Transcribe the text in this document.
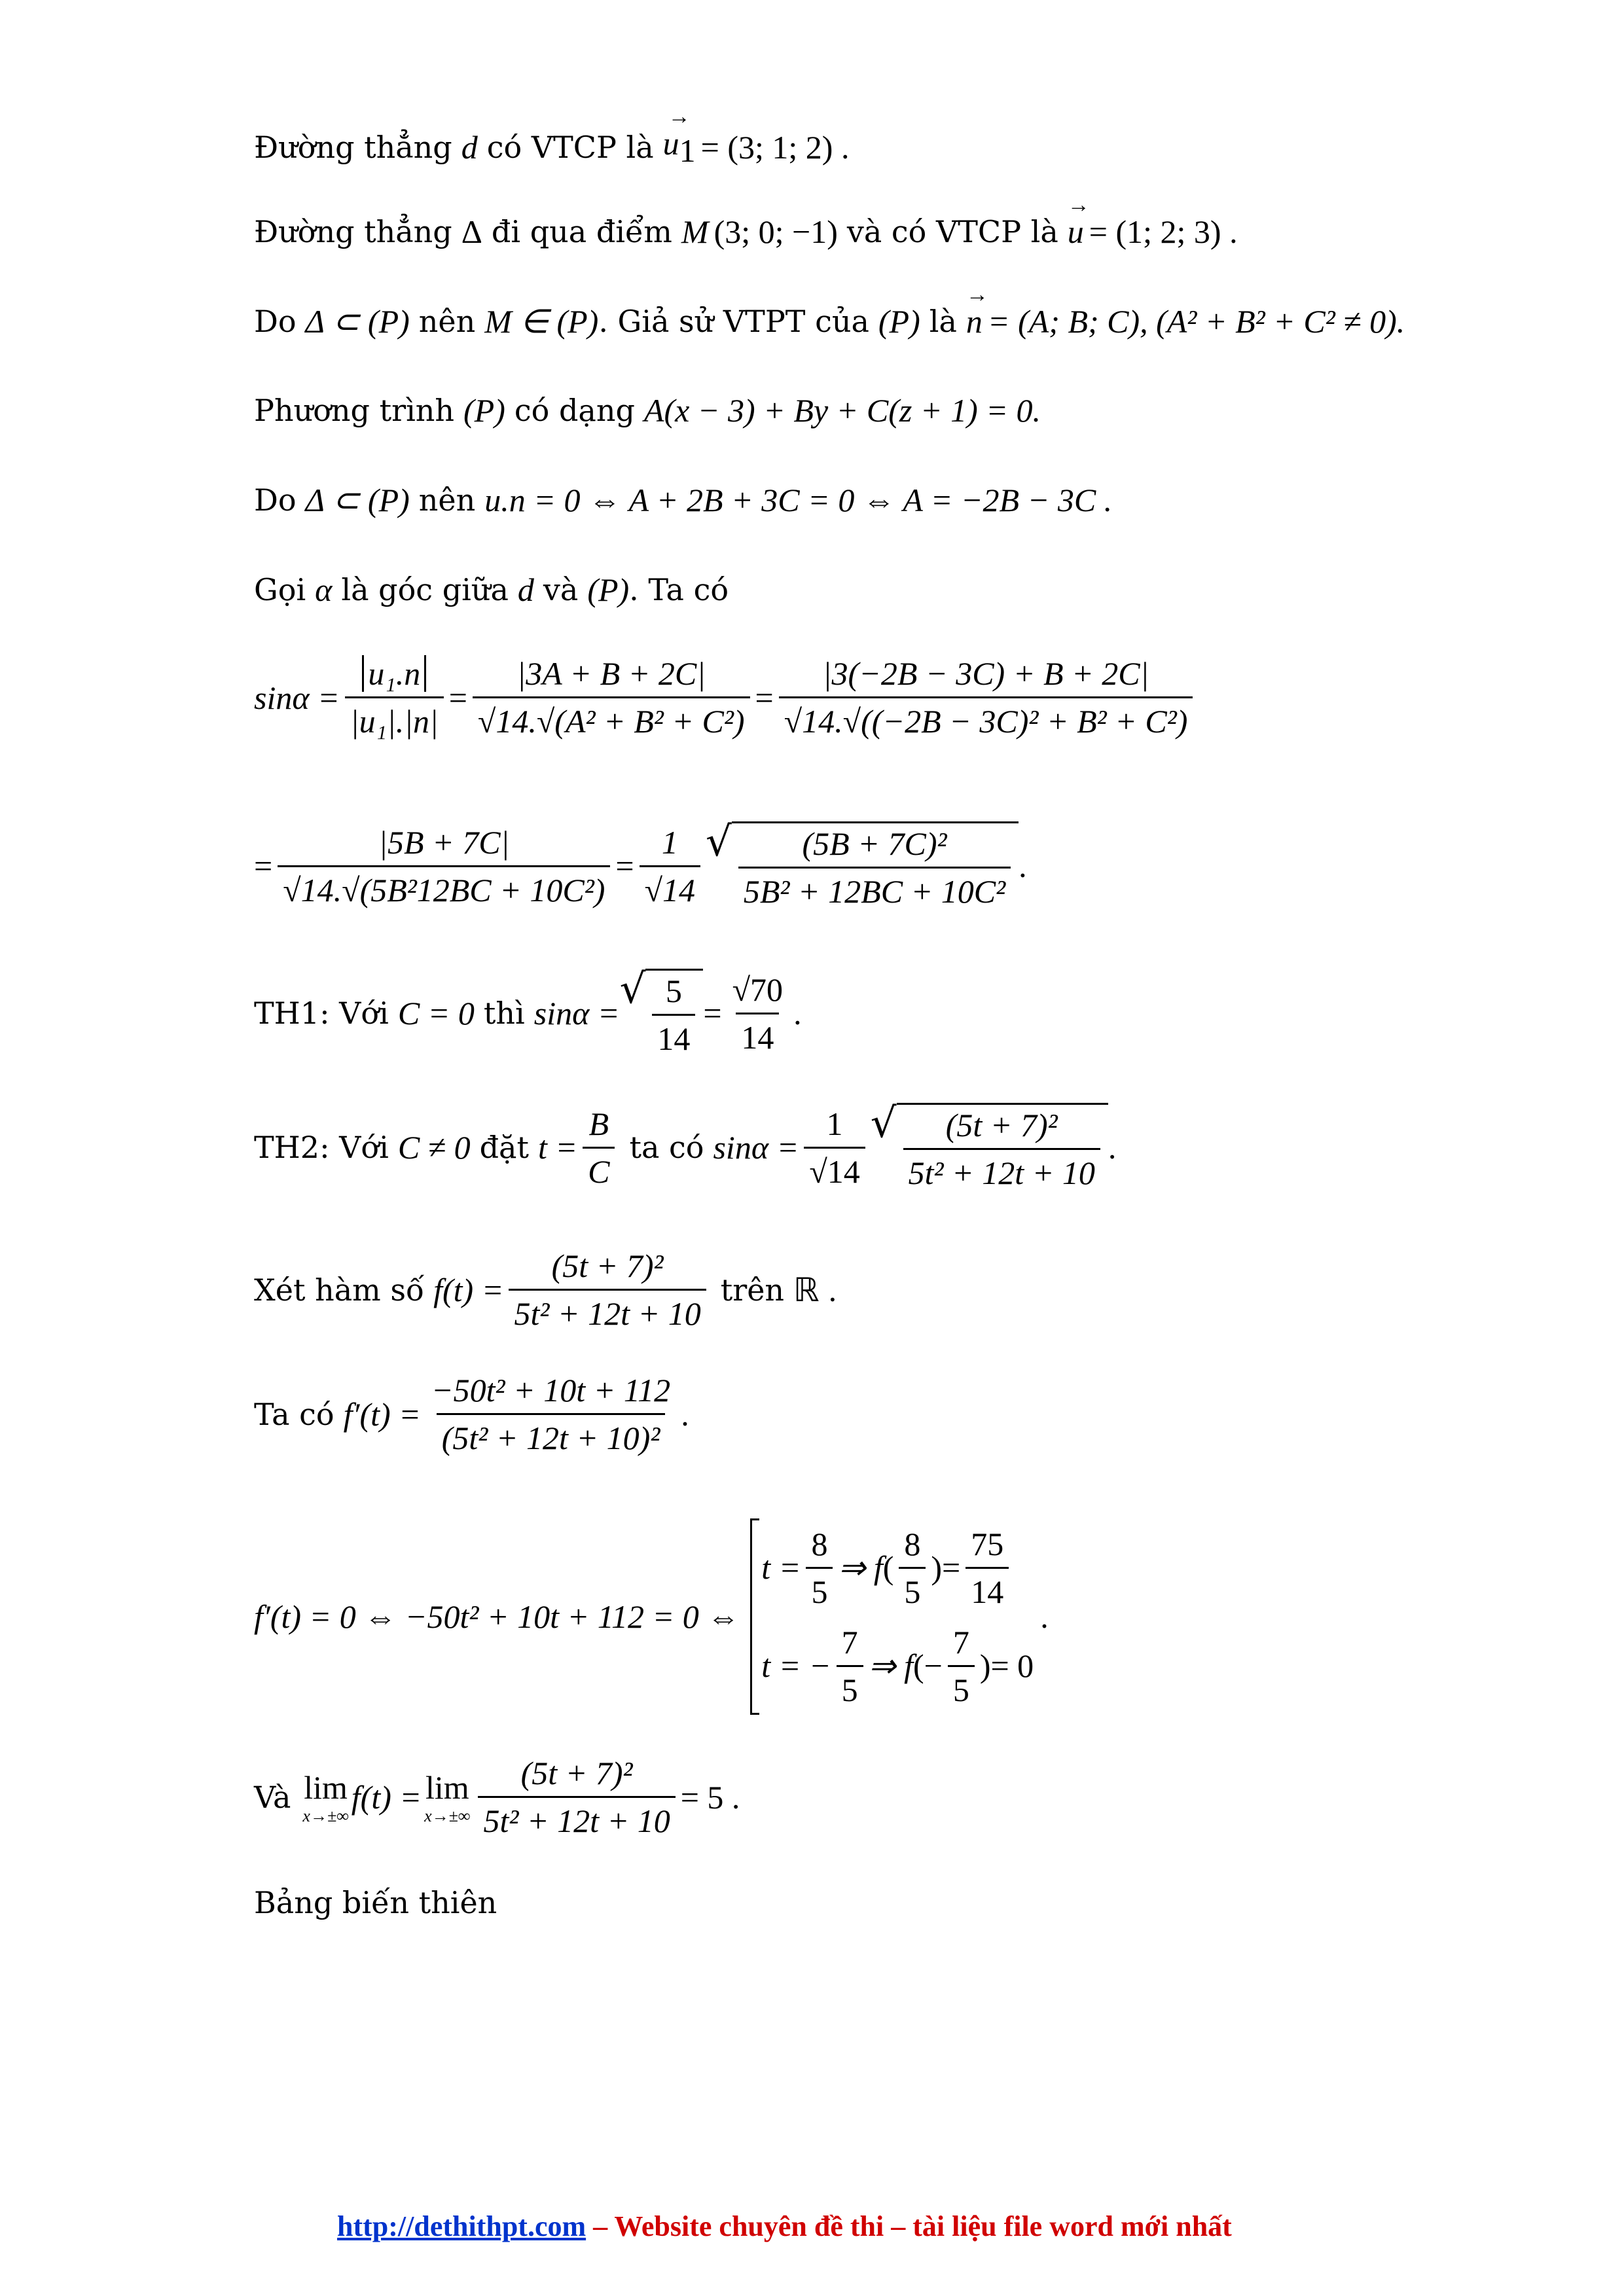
Đường thẳng d có VTCP là → $u_1 = (3$; 1; 2) .
Đường thẳng Δ đi qua điểm M (3; 0; −1) và có VTCP là → u = (1; 2; 3) .
Do Δ ⊂ (P) nên M ∈ (P) . Giả sử VTPT của (P) là → n = (A; B; C), (A² + B² + C² ≠ 0).
Phương trình (P) có dạng A(x − 3) + By + C(z + 1) = 0.
Do Δ ⊂ (P) nên u.n = 0 ⇔ A + 2B + 3C = 0 ⇔ A = −2B − 3C .
Gọi α là góc giữa d và (P) . Ta có
$\sin\alpha = \frac{\text{u₁.n}}{\text{|u₁|.|n|}} = \frac{|3A + B + 2C|}{\text{√14.√(A² + B² + C²)}} = \frac{|3(-2B - 3C) + B + 2C|}{\text{√14.√((−2B − 3C)² + B² + C²)}}$
= $\frac{|5B + 7C|}{\text{√14.√(5B²12BC + 10C²)}} = \frac{1}{√14}$ √ $\frac{\text{(5B + 7C)²}}{\text{5B² + 12BC + 10C²}}$ .
TH1: Với C = 0 thì sinα =
√ $\frac{5}{14} = \frac{√70}{14}$ .
TH2: Với C ≠ 0 đặt $t = \frac{B}{C}$ ta có $\sin\alpha = \frac{1}{√14}$ √ $\frac{\text{(5t + 7)²}}{\text{5t² + 12t + 10}}$ .
Xét hàm số $f(t) = \frac{\text{(5t + 7)²}}{\text{5t² + 12t + 10}}$ trên ℝ .
Ta có $f'(t) = \frac{\text{−50t² + 10t + 112}}{\text{(5t² + 12t + 10)²}}$ .
f′(t) = 0 ⇔ −50t² + 10t + 112 = 0 ⇔
$t = \frac{8}{5}$ ⇒ f ( $\frac{8}{5}$ ) = $\frac{75}{14}$
t = − $\frac{7}{5}$ ⇒ f (− $\frac{7}{5}$ ) = 0
.
Và lim
x→±∞
f(t) = lim
$x\to\pm\infty \frac{\text{(5t + 7)²}}{\text{5t² + 12t + 10}} = 5$ .
Bảng biến thiên
http://dethithpt.com – Website chuyên đề thi – tài liệu file word mới nhất
